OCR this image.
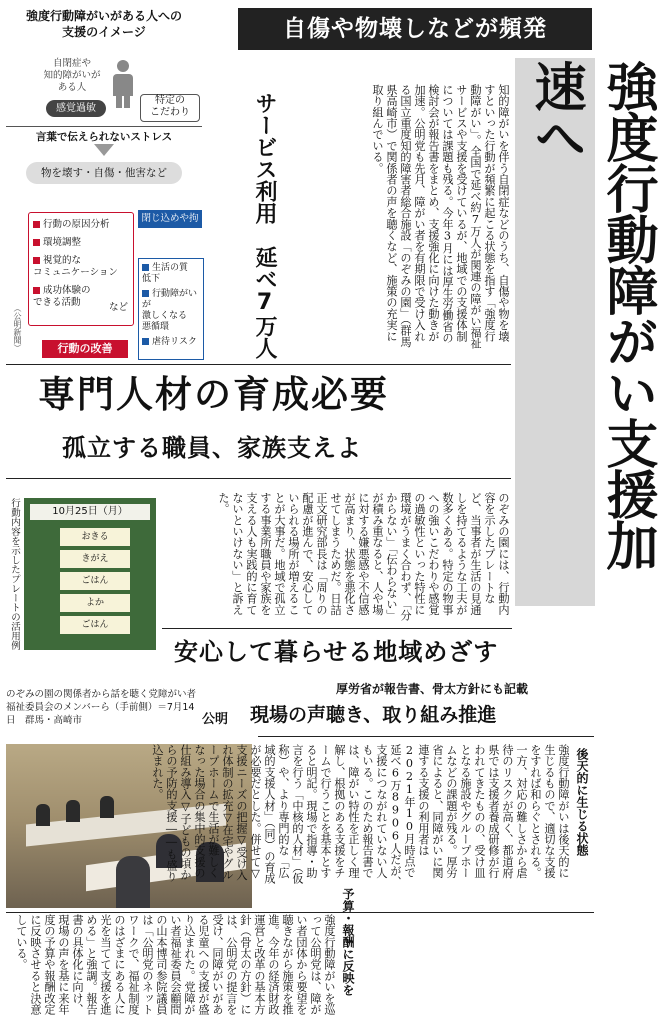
強度行動障がいがある人への
支援のイメージ
自閉症や
知的障がいが
ある人
感覚過敏
特定の
こだわり
言葉で伝えられないストレス
物を壊す・自傷・他害など
行動の原因分析
環境調整
視覚的な
コミュニケーション
成功体験の
できる活動	など
行動の改善
閉じ込めや拘束
生活の質
低下
行動障がいが
激しくなる
悪循環
虐待リスク
（公明新聞）
自傷や物壊しなどが頻発
強度行動障がい支援加速へ
サービス利用　延べ7万人	知的障がいを伴う自閉症などのうち、自傷や物を壊すといった行動が頻繁に起こる状態を指す「強度行動障がい」。全国で延べ約7万人が関連の障がい福祉サービスや支援を受けているが、地域での支援体制については課題も残る。今年3月には厚生労働省の検討会が報告書をまとめ、支援強化に向けた動きが加速。公明党も先月、障がい者を有期限で受け入れる国立重度知的障害者総合施設「のぞみの園」（群馬県高崎市）で関係者の声を聴くなど、施策の充実に取り組んでいる。
専門人材の育成必要
孤立する職員、家族支えよ
行動内容を示したプレートの活用例	10月25日（月）
おきる
きがえ
ごはん
よか
ごはん
のぞみの園には、行動内容を示したプレートなど、当事者が生活の見通しを持てるような工夫が数多くある。特定の物事への強いこだわりや感覚の過敏性といった特性に環境がうまく合わず、「分からない」「伝わらない」が積み重なると、人や場に対する嫌悪感や不信感が高まり、状態を悪化させてしまうためだ。日詰正文研究部長は「周りの配慮が進んで、安心していられる場所が増えることが大事だ。地域で孤立する事業所職員や家族を支える人も実践的に育てないといけない」と訴えた。
安心して暮らせる地域めざす
のぞみの園の関係者から話を聴く党障がい者福祉委員会のメンバーら（手前側）＝7月14日　群馬・高崎市
厚労省が報告書、骨太方針にも記載
公明 現場の声聴き、取り組み推進
後天的に生じる状態
強度行動障がいは後天的に生じるもので、適切な支援をすれば和らぐとされる。一方、対応の難しさから虐待のリスクが高く、都道府県では支援者養成研修が行われてきたものの、受け皿となる施設やグループホームなどの課題が残る。厚労省によると、同障がいに関連する支援の利用者は2021年10月時点で延べ6万8906人だが、支援につながれていない人もいる。このため報告書では、障がい特性を正しく理解し、根拠のある支援をチームで行うことを基本とすると明記。現場で指導・助言を行う「中核的人材」（仮称）や、より専門的な「広域的支援人材」（同）の育成が必要だとした。併せて▽支援ニーズの把握▽受け入れ体制の拡充▽在宅やグループホームで生活が難しくなった場合の集中的支援の仕組み導入▽子どもの頃からの予防的支援――も盛り込まれた。
予算・報酬に反映を
強度行動障がいを巡って公明党は、障がい者団体から要望を聴きながら施策を推進。今年の経済財政運営と改革の基本方針（骨太の方針）には、公明党の提言を受け、同障がいがある児童への支援が盛り込まれた。党障がい者福祉委員会顧問の山本博司参院議員は「公明党のネットワークで、福祉制度のはざまにある人に光を当てて支援を進める」と強調。報告書の具体化に向け、現場の声を基に来年度の予算や報酬改定に反映させると決意している。
